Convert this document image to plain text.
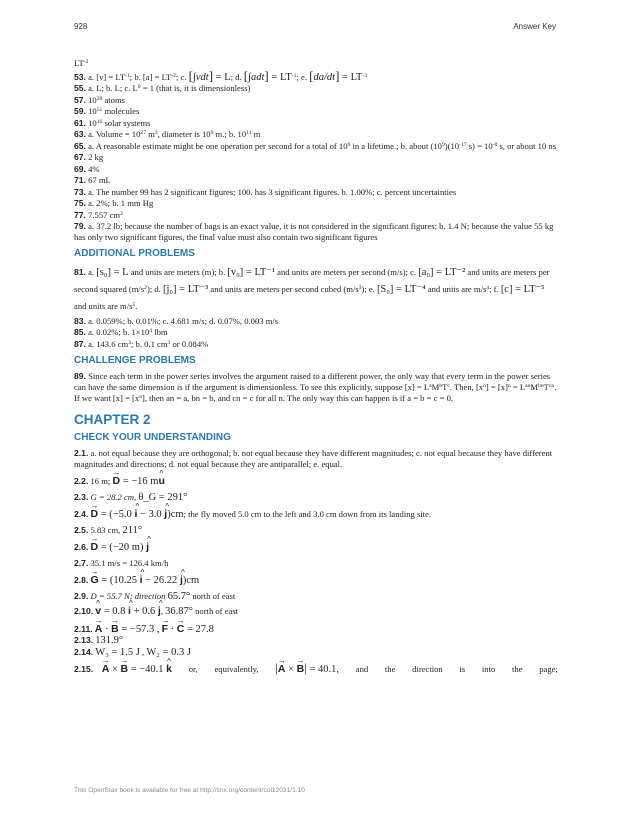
928	Answer Key

$LT^{-2}$

53. a. $[v] = LT^{-1}$; b. $[a] = LT^{-2}$; c. [∫vdt] = L; d. $[\int adt] = LT^{-1}$; e. $[da/dt] = LT^{-3}$

55. a. L; b. L; c. $L^0 = 1$ (that is, it is dimensionless)

57. $10^{28}$ atoms

59. $10^{51}$ molecules

61. $10^{16}$ solar systems

63. a. Volume = $10^{27}$ $m^3$, diameter is $10^9$ m.; b. $10^{11}$ m

65. a. A reasonable estimate might be one operation per second for a total of $10^9$ in a lifetime.; b. about $(10^9)(10^{-17}$ $s) = 10^{-8}$ s, or about 10 ns

67. 2 kg

69. 4%

71. 67 mL

73. a. The number 99 has 2 significant figures; 100. has 3 significant figures. b. 1.00%; c. percent uncertainties

75. a. 2%; b. 1 mm Hg

77. 7.557 $cm^2$

79. a. 37.2 lb; because the number of bags is an exact value, it is not considered in the significant figures; b. 1.4 N; because the value 55 kg has only two significant figures, the final value must also contain two significant figures

ADDITIONAL PROBLEMS

81. a. [s₀] = L and units are meters (m); b. [v₀] = LT⁻¹ and units are meters per second (m/s); c. [a₀] = LT⁻² and units are meters per second squared $(m/s^2)$; d. [j₀] = LT⁻³ and units are meters per second cubed $(m/s^3)$; e. [S₀] = LT⁻⁴ and units are $m/s^4$; f. [c] = LT⁻⁵ and units are $m/s^5$.

83. a. 0.059%; b. 0.01%; c. 4.681 m/s; d. 0.07%, 0.003 m/s

85. a. 0.02%; b. $1\times 10^4$ lbm

87. a. 143.6 $cm^3$; b. 0.1 $cm^3$ or 0.084%

CHALLENGE PROBLEMS

89. Since each term in the power series involves the argument raised to a different power, the only way that every term in the power series can have the same dimension is if the argument is dimensionless. To see this explicitly, suppose $[x] = L^aM^bT^c$. Then, $[x^n] = [x]^n = L^{an}M^{bn}T^{cn}$. If we want $[x] = [x^n]$, then an = a, bn = b, and cn = c for all n. The only way this can happen is if a = b = c = 0.

CHAPTER 2
CHECK YOUR UNDERSTANDING

2.1. a. not equal because they are orthogonal; b. not equal because they have different magnitudes; c. not equal because they have different magnitudes and directions; d. not equal because they are antiparallel; e. equal.

2.2. 16 m; → D = −16 m^ u

2.3. G = 28.2 cm, θ_G = 291°

2.4. → D = (−5.0 ^ i − 3.0 ^ j)cm; the fly moved 5.0 cm to the left and 3.0 cm down from its landing site.

2.5. 5.83 cm, 211°

2.6. → D = (−20 m) ^ j

2.7. 35.1 m/s = 126.4 km/h

2.8. → G = (10.25 ^ i − 26.22 ^ j)cm

2.9. D = 55.7 N; direction 65.7° north of east

2.10. ^ v = 0.8 ^ i + 0.6 ^ j, 36.87° north of east

2.11. → A · → B = −57.3 , → F · → C = 27.8

2.13. 131.9°

2.14. W₃ = 1.5 J , W₂ = 0.3 J

2.15. → A × → B = −40.1 ^ k or, equivalently, |→ A × → B| = 40.1, and the direction is into the page;
This OpenStax book is available for free at http://cnx.org/content/col12031/1.10
